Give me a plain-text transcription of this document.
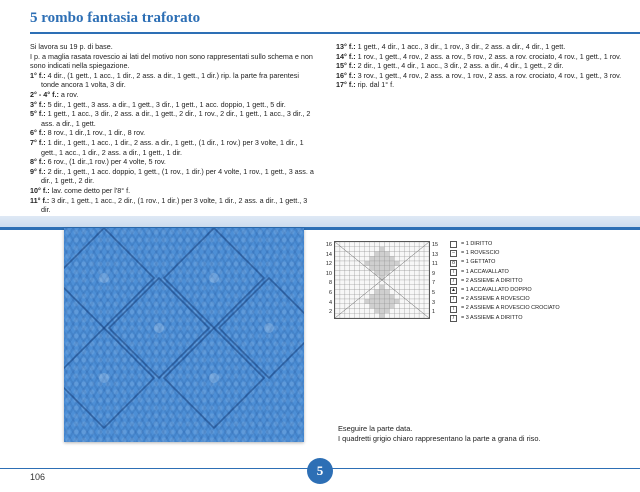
5 rombo fantasia traforato

Si lavora su 19 p. di base.

I p. a maglia rasata rovescio ai lati del motivo non sono rappresentati sullo schema e non sono indicati nella spiegazione.

1° f.: 4 dir., (1 gett., 1 acc., 1 dir., 2 ass. a dir., 1 gett., 1 dir.) rip. la parte fra parentesi tonde ancora 1 volta, 3 dir.

2° - 4° f.: a rov.

3° f.: 5 dir., 1 gett., 3 ass. a dir., 1 gett., 3 dir., 1 gett., 1 acc. doppio, 1 gett., 5 dir.

5° f.: 1 gett., 1 acc., 3 dir., 2 ass. a dir., 1 gett., 2 dir., 1 rov., 2 dir., 1 gett., 1 acc., 3 dir., 2 ass. a dir., 1 gett.

6° f.: 8 rov., 1 dir.,1 rov., 1 dir., 8 rov.

7° f.: 1 dir., 1 gett., 1 acc., 1 dir., 2 ass. a dir., 1 gett., (1 dir., 1 rov.) per 3 volte, 1 dir., 1 gett., 1 acc., 1 dir., 2 ass. a dir., 1 gett., 1 dir.

8° f.: 6 rov., (1 dir.,1 rov.) per 4 volte, 5 rov.

9° f.: 2 dir., 1 gett., 1 acc. doppio, 1 gett., (1 rov., 1 dir.) per 4 volte, 1 rov., 1 gett., 3 ass. a dir., 1 gett., 2 dir.

10° f.: lav. come detto per l'8° f.

11° f.: 3 dir., 1 gett., 1 acc., 2 dir., (1 rov., 1 dir.) per 3 volte, 1 dir., 2 ass. a dir., 1 gett., 3 dir.

13° f.: 1 gett., 4 dir., 1 acc., 3 dir., 1 rov., 3 dir., 2 ass. a dir., 4 dir., 1 gett.

14° f.: 1 rov., 1 gett., 4 rov., 2 ass. a rov., 5 rov., 2 ass. a rov. crociato, 4 rov., 1 gett., 1 rov.

15° f.: 2 dir., 1 gett., 4 dir., 1 acc., 3 dir., 2 ass. a dir., 4 dir., 1 gett., 2 dir.

16° f.: 3 rov., 1 gett., 4 rov., 2 ass. a rov., 1 rov., 2 ass. a rov. crociato, 4 rov., 1 gett., 3 rov.

17° f.: rip. dal 1° f.

16
14
12
10
8
6
4
2
15
13
11
9
7
5
3
1
= 1 DIRITTO
–	= 1 ROVESCIO
o	= 1 GETTATO
\	= 1 ACCAVALLATO
/	= 2 ASSIEME A DIRITTO
▲ = 1 ACCAVALLATO DOPPIO
/	= 2 ASSIEME A ROVESCIO
\	= 2 ASSIEME A ROVESCIO CROCIATO
/	= 3 ASSIEME A DIRITTO

Eseguire la parte data.

I quadretti grigio chiaro rappresentano la parte a grana di riso.

106	5
